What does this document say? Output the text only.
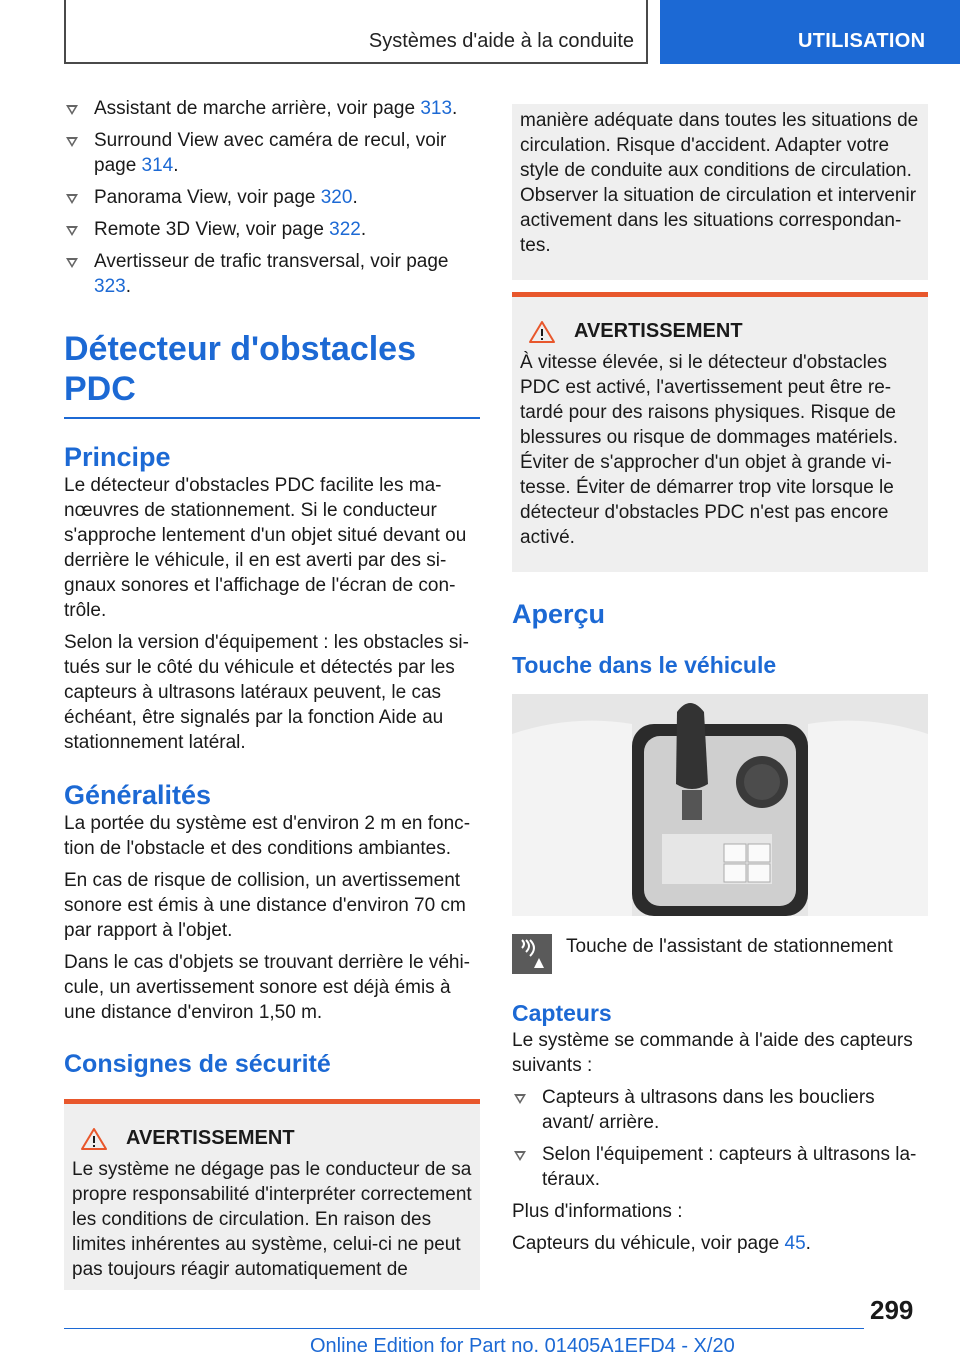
Systèmes d'aide à la conduite	UTILISATION
Assistant de marche arrière, voir page 313.
Surround View avec caméra de recul, voir page 314.
Panorama View, voir page 320.
Remote 3D View, voir page 322.
Avertisseur de trafic transversal, voir page 323.
Détecteur d'obstacles PDC
Principe

Le détecteur d'obstacles PDC facilite les manœuvres de stationnement. Si le conducteur s'approche lentement d'un objet situé devant ou derrière le véhicule, il en est averti par des signaux sonores et l'affichage de l'écran de contrôle.

Selon la version d'équipement : les obstacles situés sur le côté du véhicule et détectés par les capteurs à ultrasons latéraux peuvent, le cas échéant, être signalés par la fonction Aide au stationnement latéral.

Généralités

La portée du système est d'environ 2 m en fonction de l'obstacle et des conditions ambiantes.

En cas de risque de collision, un avertissement sonore est émis à une distance d'environ 70 cm par rapport à l'objet.

Dans le cas d'objets se trouvant derrière le véhicule, un avertissement sonore est déjà émis à une distance d'environ 1,50 m.

Consignes de sécurité
AVERTISSEMENT
Le système ne dégage pas le conducteur de sa propre responsabilité d'interpréter correctement les conditions de circulation. En raison des limites inhérentes au système, celui-ci ne peut pas toujours réagir automatiquement de
manière adéquate dans toutes les situations de circulation. Risque d'accident. Adapter votre style de conduite aux conditions de circulation. Observer la situation de circulation et intervenir activement dans les situations correspondantes.
AVERTISSEMENT
À vitesse élevée, si le détecteur d'obstacles PDC est activé, l'avertissement peut être retardé pour des raisons physiques. Risque de blessures ou risque de dommages matériels. Éviter de s'approcher d'un objet à grande vitesse. Éviter de démarrer trop vite lorsque le détecteur d'obstacles PDC n'est pas encore activé.
Aperçu
Touche dans le véhicule
Touche de l'assistant de stationnement
Capteurs

Le système se commande à l'aide des capteurs suivants :

Capteurs à ultrasons dans les boucliers avant/ arrière.
Selon l'équipement : capteurs à ultrasons latéraux.

Plus d'informations :

Capteurs du véhicule, voir page 45.

299
Online Edition for Part no. 01405A1EFD4 - X/20
